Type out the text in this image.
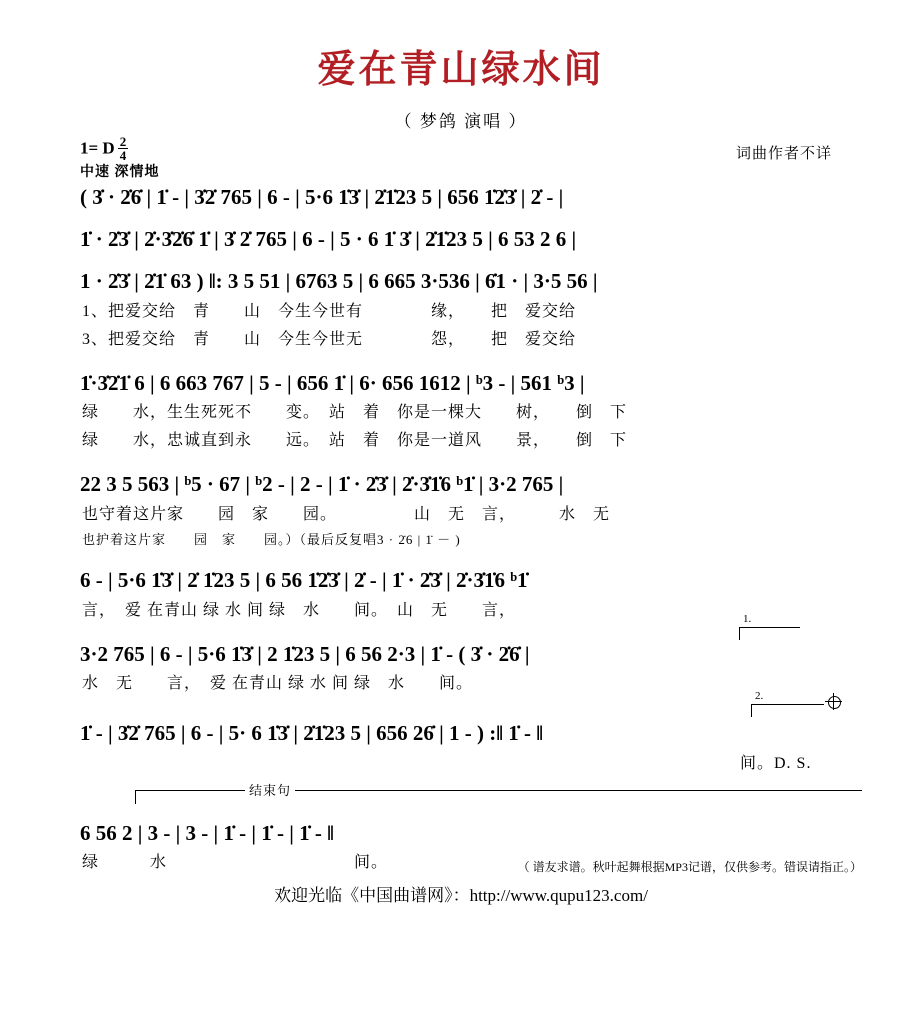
爱在青山绿水间
（ 梦鸽 演唱 ）
1= D $\frac{2}{4}$
中速 深情地
词曲作者不详
( 3̇ · 2̇6̇ | 1̇ - | 3̇2̇ 765 | 6 - | 5·6 1̇3̇ | 2̇1̇23 5 | 656 1̇2̇3̇ | 2̇ - |
1̇ · 2̇3̇ | 2̇·3̇2̇6̇ 1̇ | 3̇ 2̇ 765 | 6 - | 5 · 6 1̇ 3̇ | 2̇1̇23 5 | 6 53 2 6 |
1 · 2̇3̇ | 2̇1̇ 63 ) ‖: 3 5 51 | 6763 5 | 6 665 3·536 | 6̇1 · | 3·5 56 |
1、把爱交给　青　　山　今生今世有　　　　缘，　　把　爱交给
3、把爱交给　青　　山　今生今世无　　　　怨，　　把　爱交给
1̇·3̇2̇1̇ 6 | 6 663 767 | 5 - | 656 1̇ | 6· 656 1612 | ᵇ3 - | 561 ᵇ3 |
绿　　水，生生死死不　　变。　站　着　你是一棵大　　树，　　倒　下
绿　　水，忠诚直到永　　远。　站　着　你是一道风　　景，　　倒　下
22 3 5 563 | ᵇ5 · 67 | ᵇ2 - | 2 - | 1̇ · 2̇3̇ | 2̇·3̇1̇6 ᵇ1̇ | 3·2 765 |
也守着这片家　　园　家　　园。　　　　　山　无　言，　　　水　无
也护着这片家　　园　家　　园。）（最后反复唱3 · 2̇6 | 1̇ － )
6 - | 5·6 1̇3̇ | 2̇ 1̇23 5 | 6 56 1̇2̇3̇ | 2̇ - | 1̇ · 2̇3̇ | 2̇·3̇1̇6 ᵇ1̇
言，　爱 在青山 绿 水 间 绿　水　　间。　山　无　　言，
3·2 765 | 6 - | 5·6 1̇3̇ | 2 1̇23 5 | 6 56 2·3 | 1̇ - ( 3̇ · 2̇6̇ |
水　无　　言，　爱 在青山 绿 水 间 绿　水　　间。
1.
1̇ - | 3̇2̇ 765 | 6 - | 5· 6 1̇3̇ | 2̇1̇23 5 | 656 26̇ | 1 - ) :‖ 1̇ - ‖
间。D. S.
2.
结束句
6 56 2 | 3 - | 3 - | 1̇ - | 1̇ - | 1̇ - ‖
绿　　　水　　　　　　　　　　　间。	（ 谱友求谱。秋叶起舞根据MP3记谱，仅供参考。错误请指正。）
欢迎光临《中国曲谱网》：http://www.qupu123.com/
